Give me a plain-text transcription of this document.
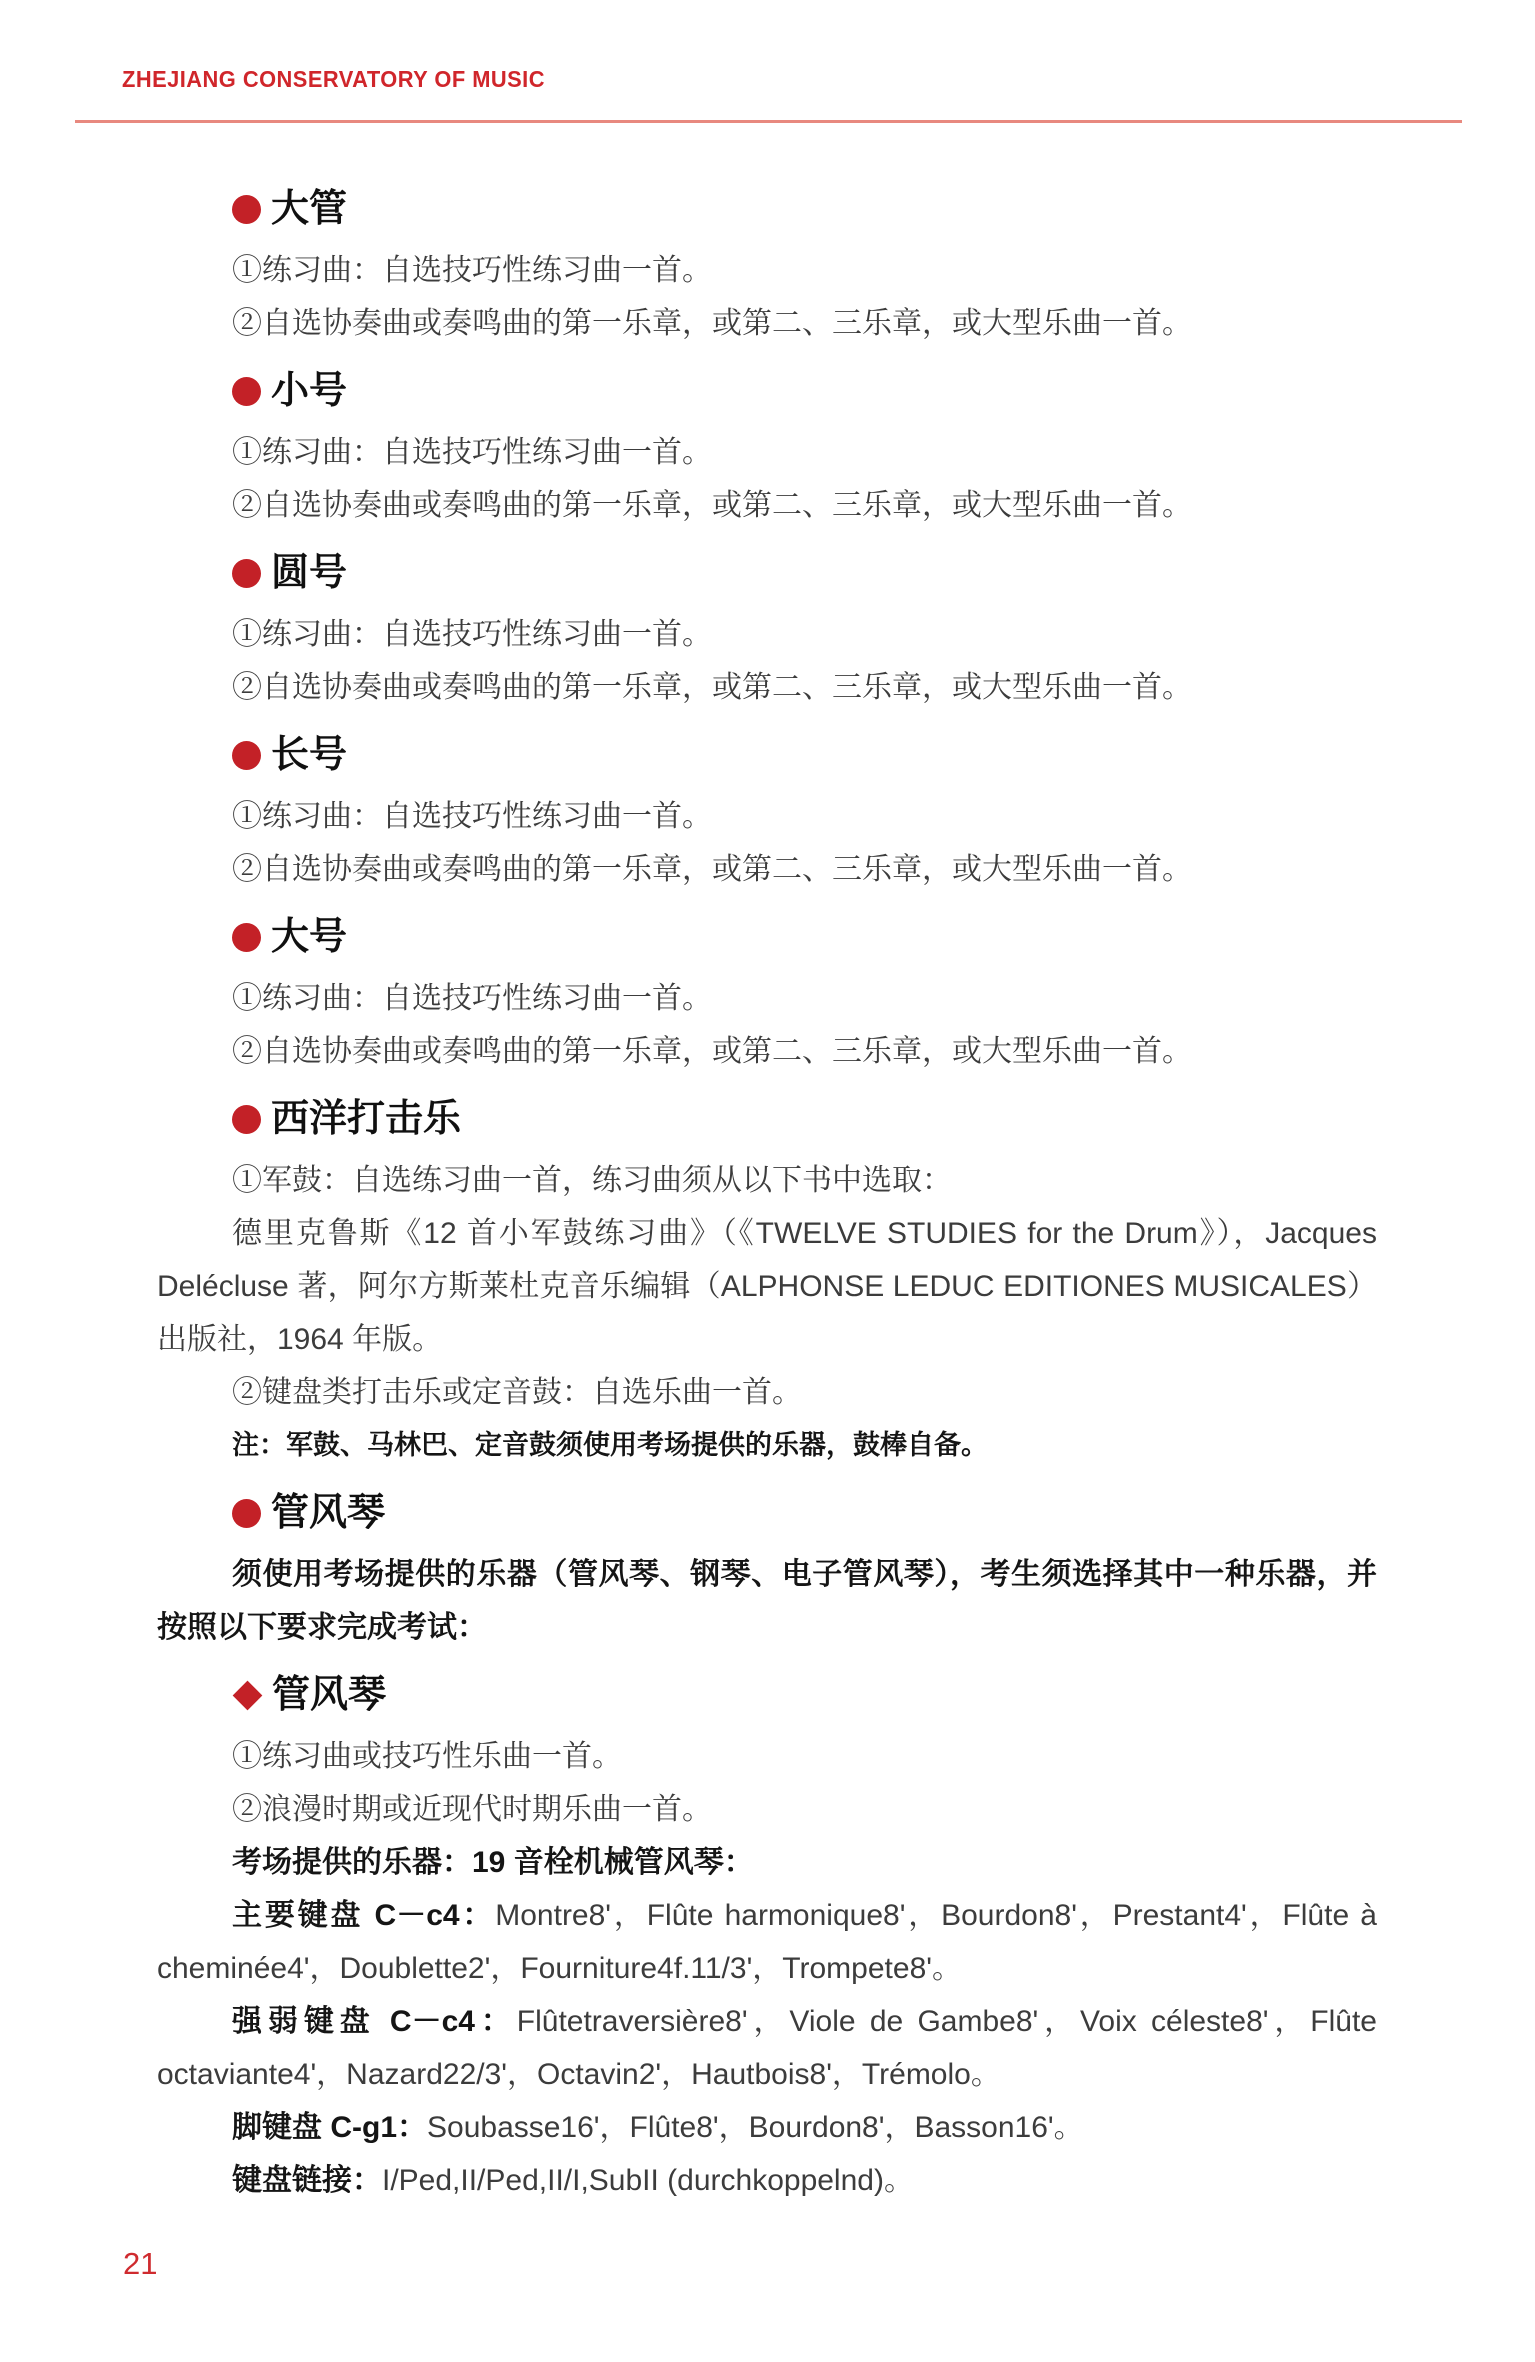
ZHEJIANG CONSERVATORY OF MUSIC
大管

①练习曲：自选技巧性练习曲一首。

②自选协奏曲或奏鸣曲的第一乐章，或第二、三乐章，或大型乐曲一首。

小号

①练习曲：自选技巧性练习曲一首。

②自选协奏曲或奏鸣曲的第一乐章，或第二、三乐章，或大型乐曲一首。

圆号

①练习曲：自选技巧性练习曲一首。

②自选协奏曲或奏鸣曲的第一乐章，或第二、三乐章，或大型乐曲一首。

长号

①练习曲：自选技巧性练习曲一首。

②自选协奏曲或奏鸣曲的第一乐章，或第二、三乐章，或大型乐曲一首。

大号

①练习曲：自选技巧性练习曲一首。

②自选协奏曲或奏鸣曲的第一乐章，或第二、三乐章，或大型乐曲一首。

西洋打击乐

①军鼓：自选练习曲一首，练习曲须从以下书中选取：

德里克鲁斯《12 首小军鼓练习曲》（《TWELVE STUDIES for the Drum》），Jacques Delécluse 著，阿尔方斯莱杜克音乐编辑（ALPHONSE LEDUC EDITIONES MUSICALES）出版社，1964 年版。

②键盘类打击乐或定音鼓：自选乐曲一首。

注：军鼓、马林巴、定音鼓须使用考场提供的乐器，鼓棒自备。

管风琴

须使用考场提供的乐器（管风琴、钢琴、电子管风琴），考生须选择其中一种乐器，并按照以下要求完成考试：

管风琴

①练习曲或技巧性乐曲一首。

②浪漫时期或近现代时期乐曲一首。

考场提供的乐器：19 音栓机械管风琴：

主要键盘 C－c4：Montre8'，Flûte harmonique8'，Bourdon8'，Prestant4'，Flûte à cheminée4'，Doublette2'，Fourniture4f.11/3'，Trompete8'。

强弱键盘 C－c4：Flûtetraversière8'，Viole de Gambe8'，Voix céleste8'，Flûte octaviante4'，Nazard22/3'，Octavin2'，Hautbois8'，Trémolo。

脚键盘 C-g1：Soubasse16'，Flûte8'，Bourdon8'，Basson16'。

键盘链接：I/Ped,II/Ped,II/I,SubII (durchkoppelnd)。

21
